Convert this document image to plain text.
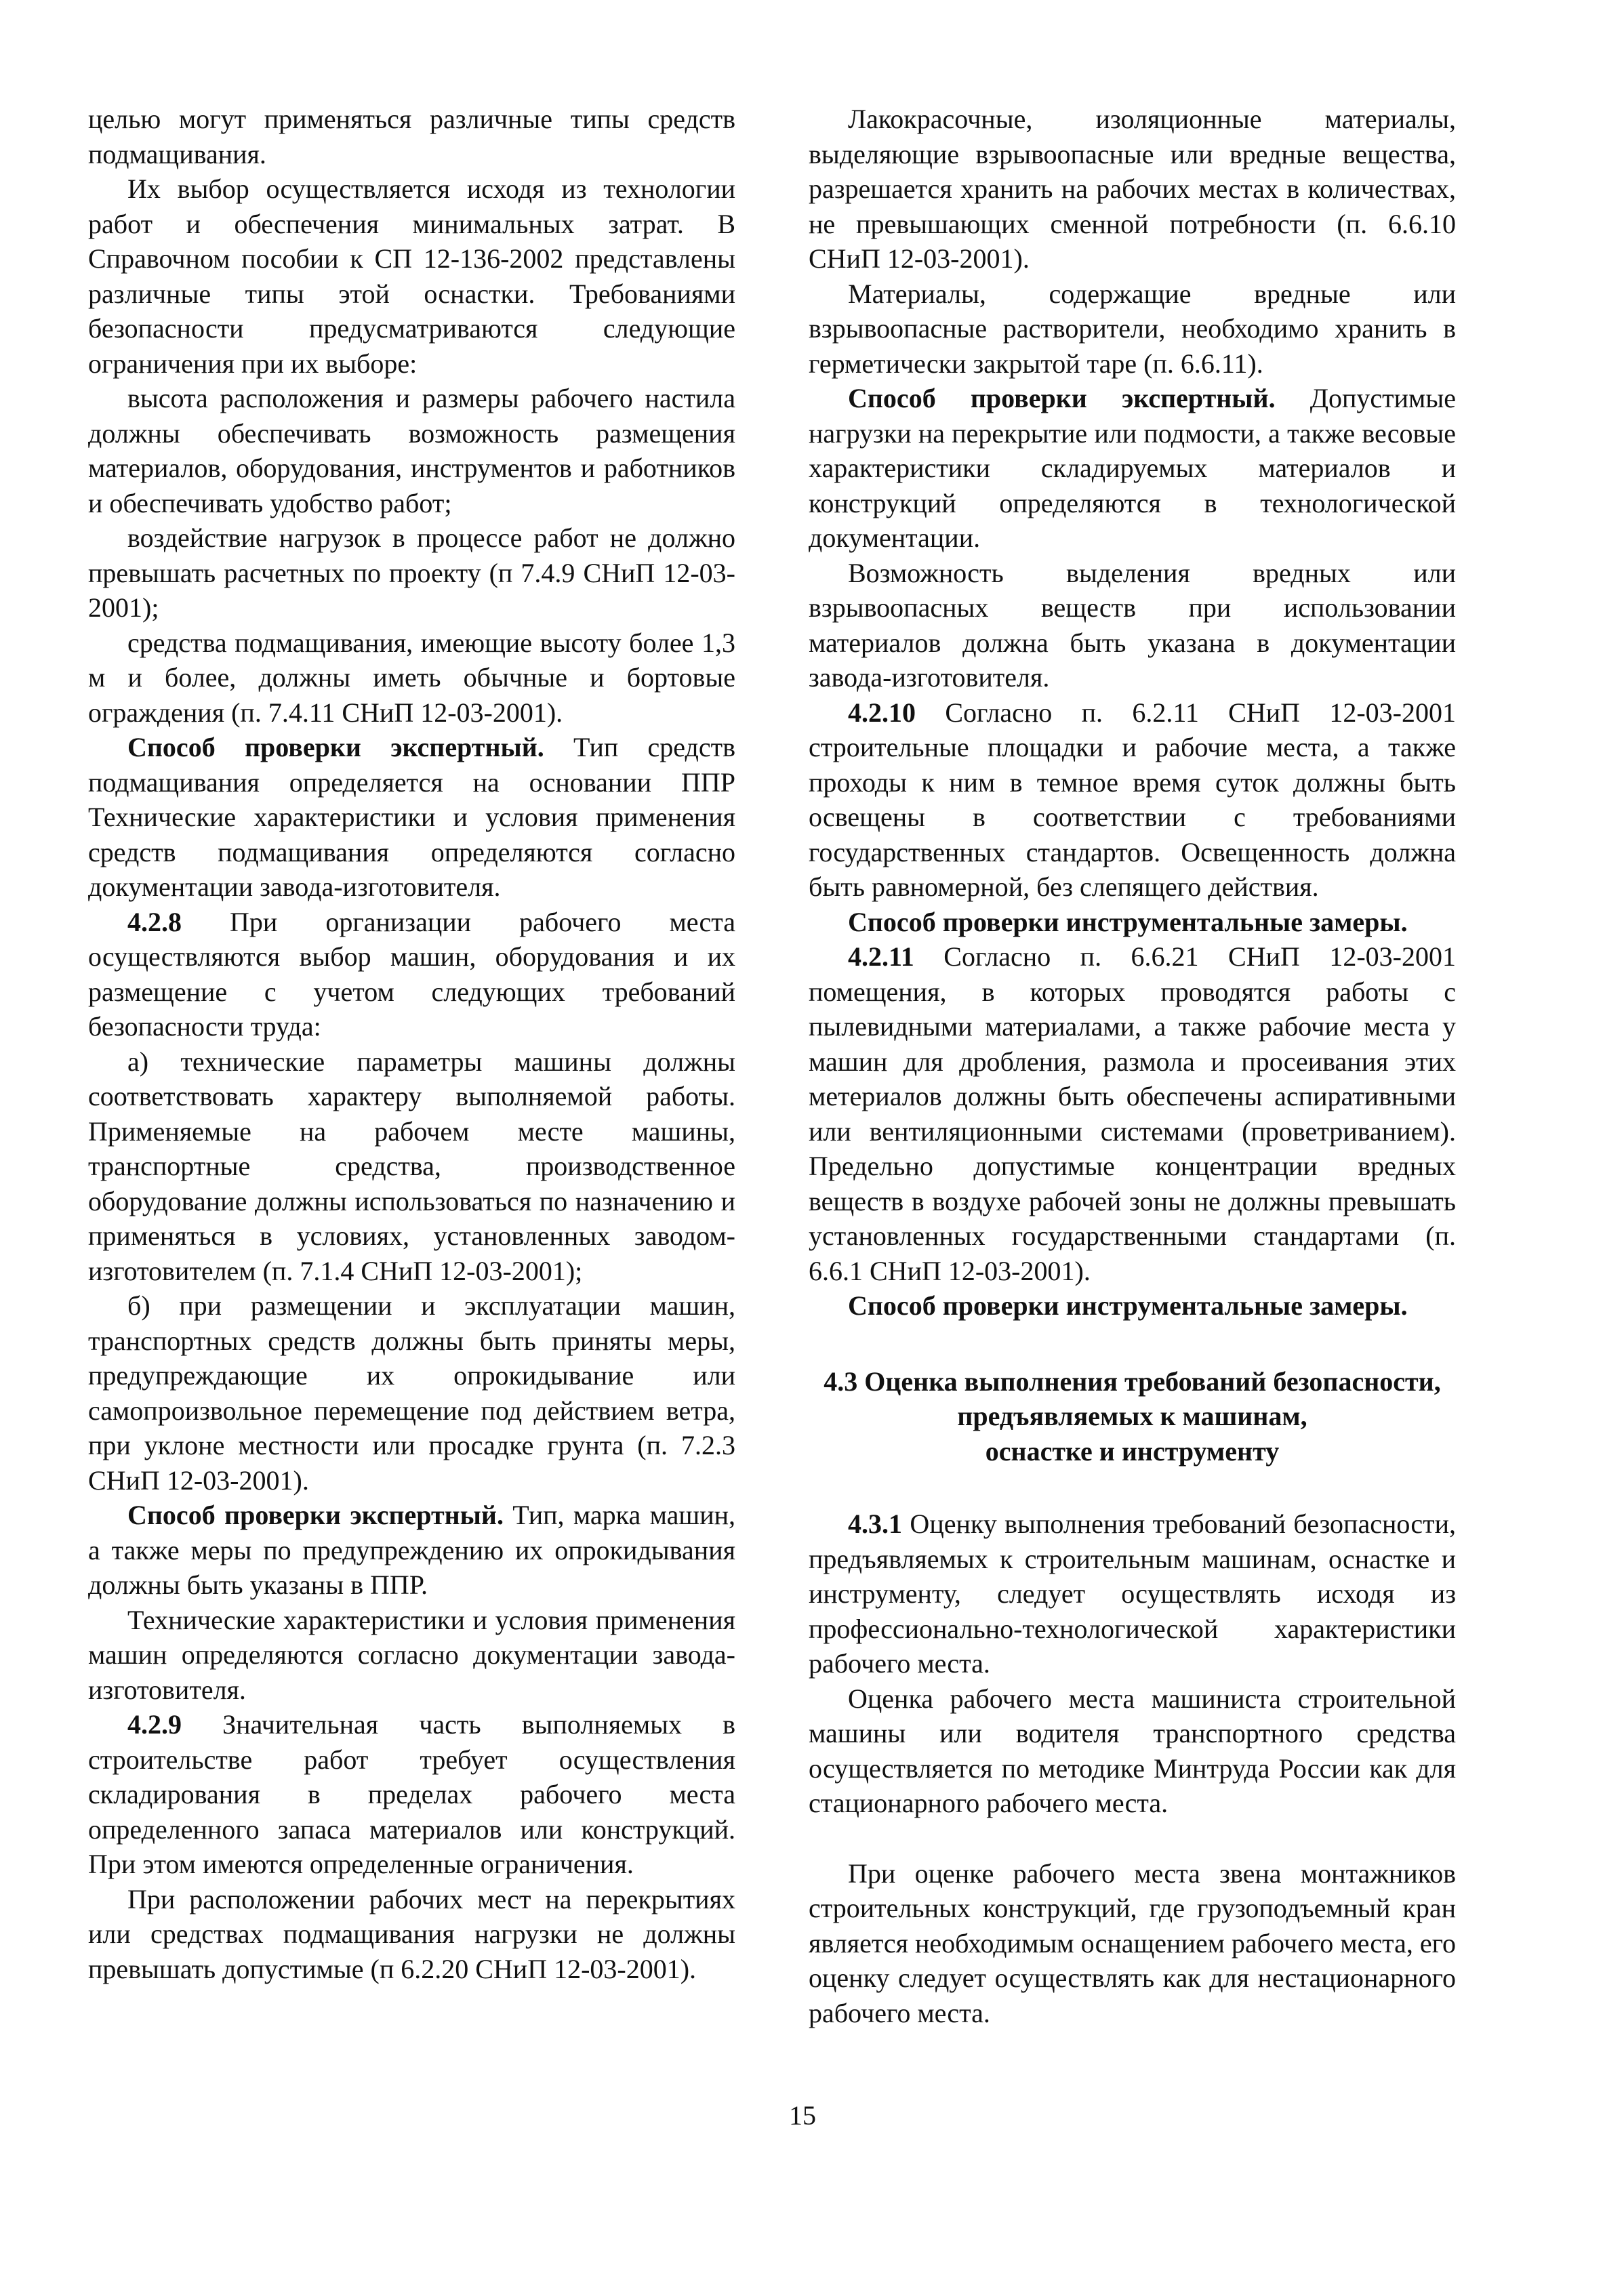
целью могут применяться различные типы средств подмащивания.

Их выбор осуществляется исходя из технологии работ и обеспечения минимальных затрат. В Справочном пособии к СП 12-136-2002 представлены различные типы этой оснастки. Требованиями безопасности предусматриваются следующие ограничения при их выборе:

высота расположения и размеры рабочего настила должны обеспечивать возможность размещения материалов, оборудования, инструментов и работников и обеспечивать удобство работ;

воздействие нагрузок в процессе работ не должно превышать расчетных по проекту (п 7.4.9 СНиП 12-03-2001);

средства подмащивания, имеющие высоту более 1,3 м и более, должны иметь обычные и бортовые ограждения (п. 7.4.11 СНиП 12-03-2001).

Способ проверки экспертный. Тип средств подмащивания определяется на основании ППР Технические характеристики и условия применения средств подмащивания определяются согласно документации завода-изготовителя.

4.2.8 При организации рабочего места осуществляются выбор машин, оборудования и их размещение с учетом следующих требований безопасности труда:

а) технические параметры машины должны соответствовать характеру выполняемой работы. Применяемые на рабочем месте машины, транспортные средства, производственное оборудование должны использоваться по назначению и применяться в условиях, установленных заводом-изготовителем (п. 7.1.4 СНиП 12-03-2001);

б) при размещении и эксплуатации машин, транспортных средств должны быть приняты меры, предупреждающие их опрокидывание или самопроизвольное перемещение под действием ветра, при уклоне местности или просадке грунта (п. 7.2.3 СНиП 12-03-2001).

Способ проверки экспертный. Тип, марка машин, а также меры по предупреждению их опрокидывания должны быть указаны в ППР.

Технические характеристики и условия применения машин определяются согласно документации завода-изготовителя.

4.2.9 Значительная часть выполняемых в строительстве работ требует осуществления складирования в пределах рабочего места определенного запаса материалов или конструкций. При этом имеются определенные ограничения.

При расположении рабочих мест на перекрытиях или средствах подмащивания нагрузки не должны превышать допустимые (п 6.2.20 СНиП 12-03-2001).

Лакокрасочные, изоляционные материалы, выделяющие взрывоопасные или вредные вещества, разрешается хранить на рабочих местах в количествах, не превышающих сменной потребности (п. 6.6.10 СНиП 12-03-2001).

Материалы, содержащие вредные или взрывоопасные растворители, необходимо хранить в герметически закрытой таре (п. 6.6.11).

Способ проверки экспертный. Допустимые нагрузки на перекрытие или подмости, а также весовые характеристики складируемых материалов и конструкций определяются в технологической документации.

Возможность выделения вредных или взрывоопасных веществ при использовании материалов должна быть указана в документации завода-изготовителя.

4.2.10 Согласно п. 6.2.11 СНиП 12-03-2001 строительные площадки и рабочие места, а также проходы к ним в темное время суток должны быть освещены в соответствии с требованиями государственных стандартов. Освещенность должна быть равномерной, без слепящего действия.

Способ проверки инструментальные замеры.

4.2.11 Согласно п. 6.6.21 СНиП 12-03-2001 помещения, в которых проводятся работы с пылевидными материалами, а также рабочие места у машин для дробления, размола и просеивания этих метериалов должны быть обеспечены аспиративными или вентиляционными системами (проветриванием). Предельно допустимые концентрации вредных веществ в воздухе рабочей зоны не должны превышать установленных государственными стандартами (п. 6.6.1 СНиП 12-03-2001).

Способ проверки инструментальные замеры.

4.3 Оценка выполнения требований безопасности,
предъявляемых к машинам,
оснастке и инструменту

4.3.1 Оценку выполнения требований безопасности, предъявляемых к строительным машинам, оснастке и инструменту, следует осуществлять исходя из профессионально-технологической характеристики рабочего места.

Оценка рабочего места машиниста строительной машины или водителя транспортного средства осуществляется по методике Минтруда России как для стационарного рабочего места.

При оценке рабочего места звена монтажников строительных конструкций, где грузоподъемный кран является необходимым оснащением рабочего места, его оценку следует осуществлять как для нестационарного рабочего места.

15
